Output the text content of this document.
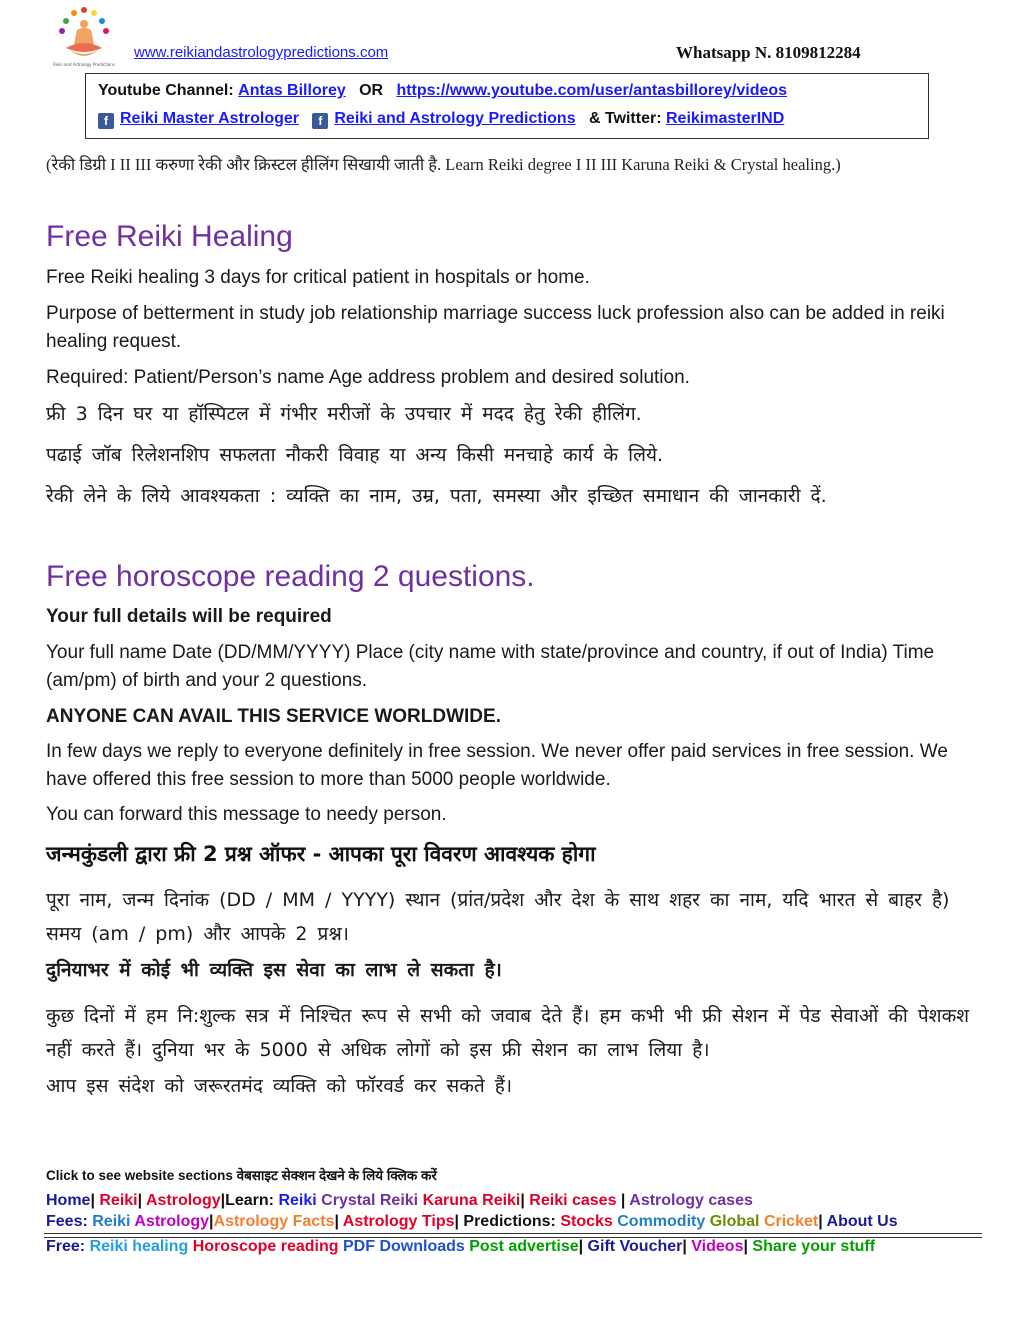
Reiki and Astrology Predictions
www.reikiandastrologypredictions.com	Whatsapp N. 8109812284
Youtube Channel: Antas Billorey OR https://www.youtube.com/user/antasbillorey/videos
f Reiki Master Astrologer f Reiki and Astrology Predictions & Twitter: ReikimasterIND
(रेकी डिग्री I II III करुणा रेकी और क्रिस्टल हीलिंग सिखायी जाती है. Learn Reiki degree I II III Karuna Reiki & Crystal healing.)
Free Reiki Healing
Free Reiki healing 3 days for critical patient in hospitals or home.
Purpose of betterment in study job relationship marriage success luck profession also can be added in reiki healing request.
Required: Patient/Person’s name Age address problem and desired solution.
फ्री 3 दिन घर या हॉस्पिटल में गंभीर मरीजों के उपचार में मदद हेतु रेकी हीलिंग.
पढाई जॉब रिलेशनशिप सफलता नौकरी विवाह या अन्य किसी मनचाहे कार्य के लिये.
रेकी लेने के लिये आवश्यकता : व्यक्ति का नाम, उम्र, पता, समस्या और इच्छित समाधान की जानकारी दें.
Free horoscope reading 2 questions.
Your full details will be required
Your full name Date (DD/MM/YYYY) Place (city name with state/province and country, if out of India) Time (am/pm) of birth and your 2 questions.
ANYONE CAN AVAIL THIS SERVICE WORLDWIDE.
In few days we reply to everyone definitely in free session. We never offer paid services in free session. We have offered this free session to more than 5000 people worldwide.
You can forward this message to needy person.
जन्मकुंडली द्वारा फ्री 2 प्रश्न ऑफर - आपका पूरा विवरण आवश्यक होगा
पूरा नाम, जन्म दिनांक (DD / MM / YYYY) स्थान (प्रांत/प्रदेश और देश के साथ शहर का नाम, यदि भारत से बाहर है) समय (am / pm) और आपके 2 प्रश्न।
दुनियाभर में कोई भी व्यक्ति इस सेवा का लाभ ले सकता है।
कुछ दिनों में हम नि:शुल्क सत्र में निश्चित रूप से सभी को जवाब देते हैं। हम कभी भी फ्री सेशन में पेड सेवाओं की पेशकश नहीं करते हैं। दुनिया भर के 5000 से अधिक लोगों को इस फ्री सेशन का लाभ लिया है।
आप इस संदेश को जरूरतमंद व्यक्ति को फॉरवर्ड कर सकते हैं।
Click to see website sections वेबसाइट सेक्शन देखने के लिये क्लिक करें
Home| Reiki| Astrology|Learn: Reiki Crystal Reiki Karuna Reiki| Reiki cases | Astrology cases
Fees: Reiki Astrology|Astrology Facts| Astrology Tips| Predictions: Stocks Commodity Global Cricket| About Us
Free: Reiki healing Horoscope reading PDF Downloads Post advertise| Gift Voucher| Videos| Share your stuff
